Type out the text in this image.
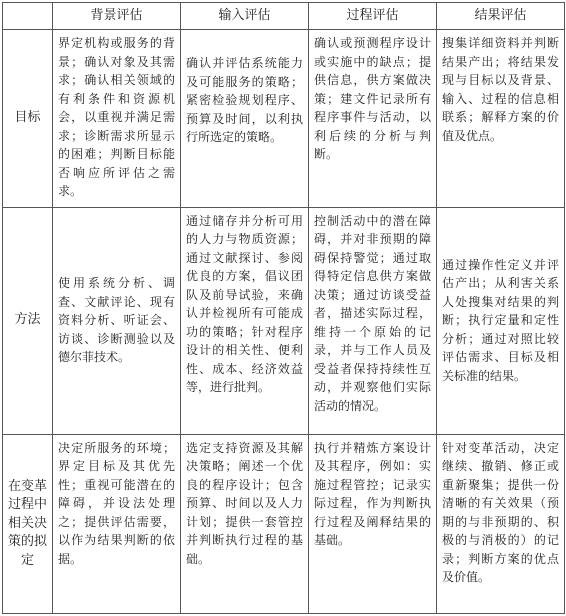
	背景评估	输入评估	过程评估	结果评估
目标	界定机构或服务的背景；确认对象及其需求；确认相关领域的有利条件和资源机会，以重视并满足需求；诊断需求所显示的困难；判断目标能否响应所评估之需求。	确认并评估系统能力及可能服务的策略；紧密检验规划程序、预算及时间，以利执行所选定的策略。	确认或预测程序设计或实施中的缺点；提供信息，供方案做决策；建文件记录所有程序事件与活动，以利后续的分析与判断。	搜集详细资料并判断结果产出；将结果发现与目标以及背景、输入、过程的信息相联系；解释方案的价值及优点。
方法	使用系统分析、调查、文献评论、现有资料分析、听证会、访谈、诊断测验以及德尔菲技术。	通过储存并分析可用的人力与物质资源；通过文献探讨、参阅优良的方案，倡议团队及前导试验，来确认并检视所有可能成功的策略；针对程序设计的相关性、便利性、成本、经济效益等，进行批判。	控制活动中的潜在障碍，并对非预期的障碍保持警觉；通过取得特定信息供方案做决策；通过访谈受益者，描述实际过程，维持一个原始的记录，并与工作人员及受益者保持持续性互动，并观察他们实际活动的情况。	通过操作性定义并评估产出；从利害关系人处搜集对结果的判断；执行定量和定性分析；通过对照比较评估需求、目标及相关标准的结果。
在变革过程中相关决策的拟定	决定所服务的环境；界定目标及其优先性；重视可能潜在的障碍，并设法处理之；提供评估需要，以作为结果判断的依据。	选定支持资源及其解决策略；阐述一个优良的程序设计；包含预算、时间以及人力计划；提供一套管控并判断执行过程的基础。	执行并精炼方案设计及其程序，例如：实施过程管控；记录实际过程，作为判断执行过程及阐释结果的基础。	针对变革活动，决定继续、撤销、修正或重新聚集；提供一份清晰的有关效果（预期的与非预期的、积极的与消极的）的记录；判断方案的优点及价值。
